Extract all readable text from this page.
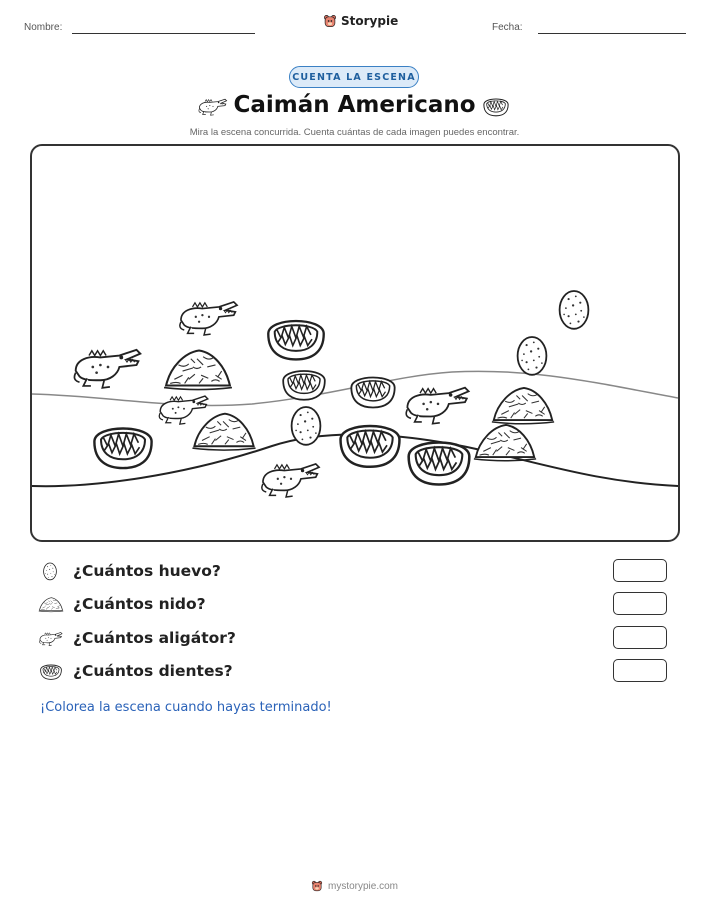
Nombre:	Storypie	Fecha:
CUENTA LA ESCENA
Caimán Americano
Mira la escena concurrida. Cuenta cuántas de cada imagen puedes encontrar.
¿Cuántos huevo?
¿Cuántos nido?
¿Cuántos aligátor?
¿Cuántos dientes?
¡Colorea la escena cuando hayas terminado!
mystorypie.com
